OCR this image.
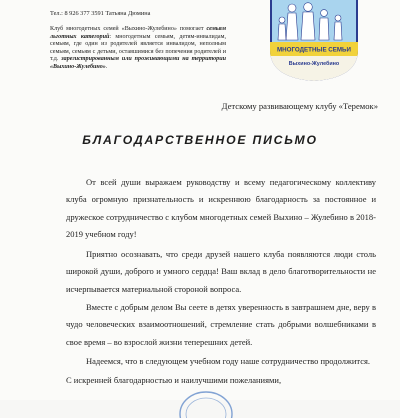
Тел.: 8 926 377 3591 Татьяна Дюмина
Клуб многодетных семей «Выхино-Жулебино» помогает семьям льготных категорий: многодетным семьям, детям-инвалидам, семьям, где один из родителей является инвалидом, неполным семьям, семьям с детьми, оставшимися без попечения родителей и т.д. зарегистрированным или проживающими на территории «Выхино-Жулебино».
МНОГОДЕТНЫЕ СЕМЬИ
Выхино-Жулебино
Детскому развивающему клубу «Теремок»
БЛАГОДАРСТВЕННОЕ ПИСЬМО

От всей души выражаем руководству и всему педагогическому коллективу клуба огромную признательность и искреннюю благодарность за постоянное и дружеское сотрудничество с клубом многодетных семей Выхино – Жулебино в 2018-2019 учебном году!

Приятно осознавать, что среди друзей нашего клуба появляются люди столь широкой души, доброго и умного сердца! Ваш вклад в дело благотворительности не исчерпывается материальной стороной вопроса.

Вместе с добрым делом Вы сеете в детях уверенность в завтрашнем дне, веру в чудо человеческих взаимоотношений, стремление стать добрыми волшебниками в свое время – во взрослой жизни теперешних детей.

Надеемся, что в следующем учебном году наше сотрудничество продолжится.

С искренней благодарностью и наилучшими пожеланиями,
